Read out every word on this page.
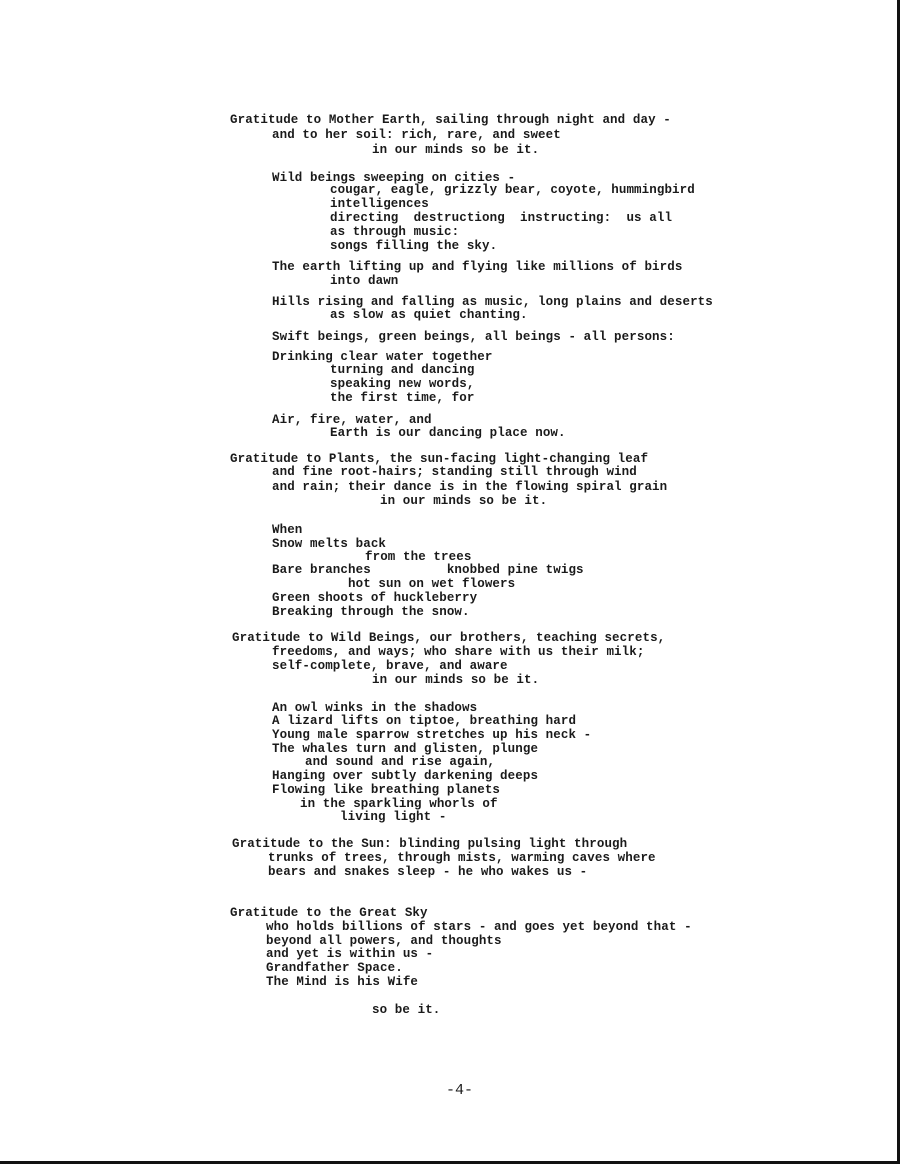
Gratitude to Mother Earth, sailing through night and day -
and to her soil: rich, rare, and sweet
in our minds so be it.
Wild beings sweeping on cities -
cougar, eagle, grizzly bear, coyote, hummingbird
intelligences
directing  destructiong  instructing:  us all
as through music:
songs filling the sky.
The earth lifting up and flying like millions of birds
into dawn
Hills rising and falling as music, long plains and deserts
as slow as quiet chanting.
Swift beings, green beings, all beings - all persons:
Drinking clear water together
turning and dancing
speaking new words,
the first time, for
Air, fire, water, and
Earth is our dancing place now.
Gratitude to Plants, the sun-facing light-changing leaf
and fine root-hairs; standing still through wind
and rain; their dance is in the flowing spiral grain
in our minds so be it.
When
Snow melts back
from the trees
Bare branches          knobbed pine twigs
hot sun on wet flowers
Green shoots of huckleberry
Breaking through the snow.
Gratitude to Wild Beings, our brothers, teaching secrets,
freedoms, and ways; who share with us their milk;
self-complete, brave, and aware
in our minds so be it.
An owl winks in the shadows
A lizard lifts on tiptoe, breathing hard
Young male sparrow stretches up his neck -
The whales turn and glisten, plunge
and sound and rise again,
Hanging over subtly darkening deeps
Flowing like breathing planets
in the sparkling whorls of
living light -
Gratitude to the Sun: blinding pulsing light through
trunks of trees, through mists, warming caves where
bears and snakes sleep - he who wakes us -
Gratitude to the Great Sky
who holds billions of stars - and goes yet beyond that -
beyond all powers, and thoughts
and yet is within us -
Grandfather Space.
The Mind is his Wife
so be it.
-4-
